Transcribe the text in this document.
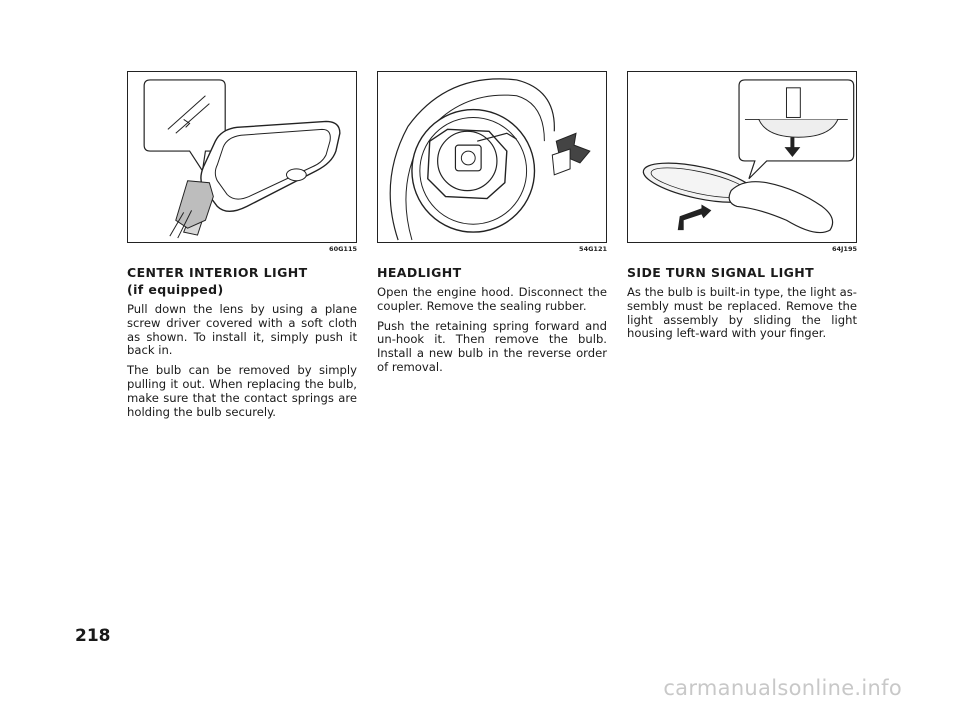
60G115	54G121	64J195
CENTER INTERIOR LIGHT
(if equipped)

Pull down the lens by using a plane screw driver covered with a soft cloth as shown. To install it, simply push it back in.

The bulb can be removed by simply pulling it out. When replacing the bulb, make sure that the contact springs are holding the bulb securely.

HEADLIGHT

Open the engine hood. Disconnect the coupler. Remove the sealing rubber.

Push the retaining spring forward and un-hook it. Then remove the bulb. Install a new bulb in the reverse order of removal.

SIDE TURN SIGNAL LIGHT

As the bulb is built-in type, the light as-sembly must be replaced. Remove the light assembly by sliding the light housing left-ward with your finger.

218
carmanualsonline.info
